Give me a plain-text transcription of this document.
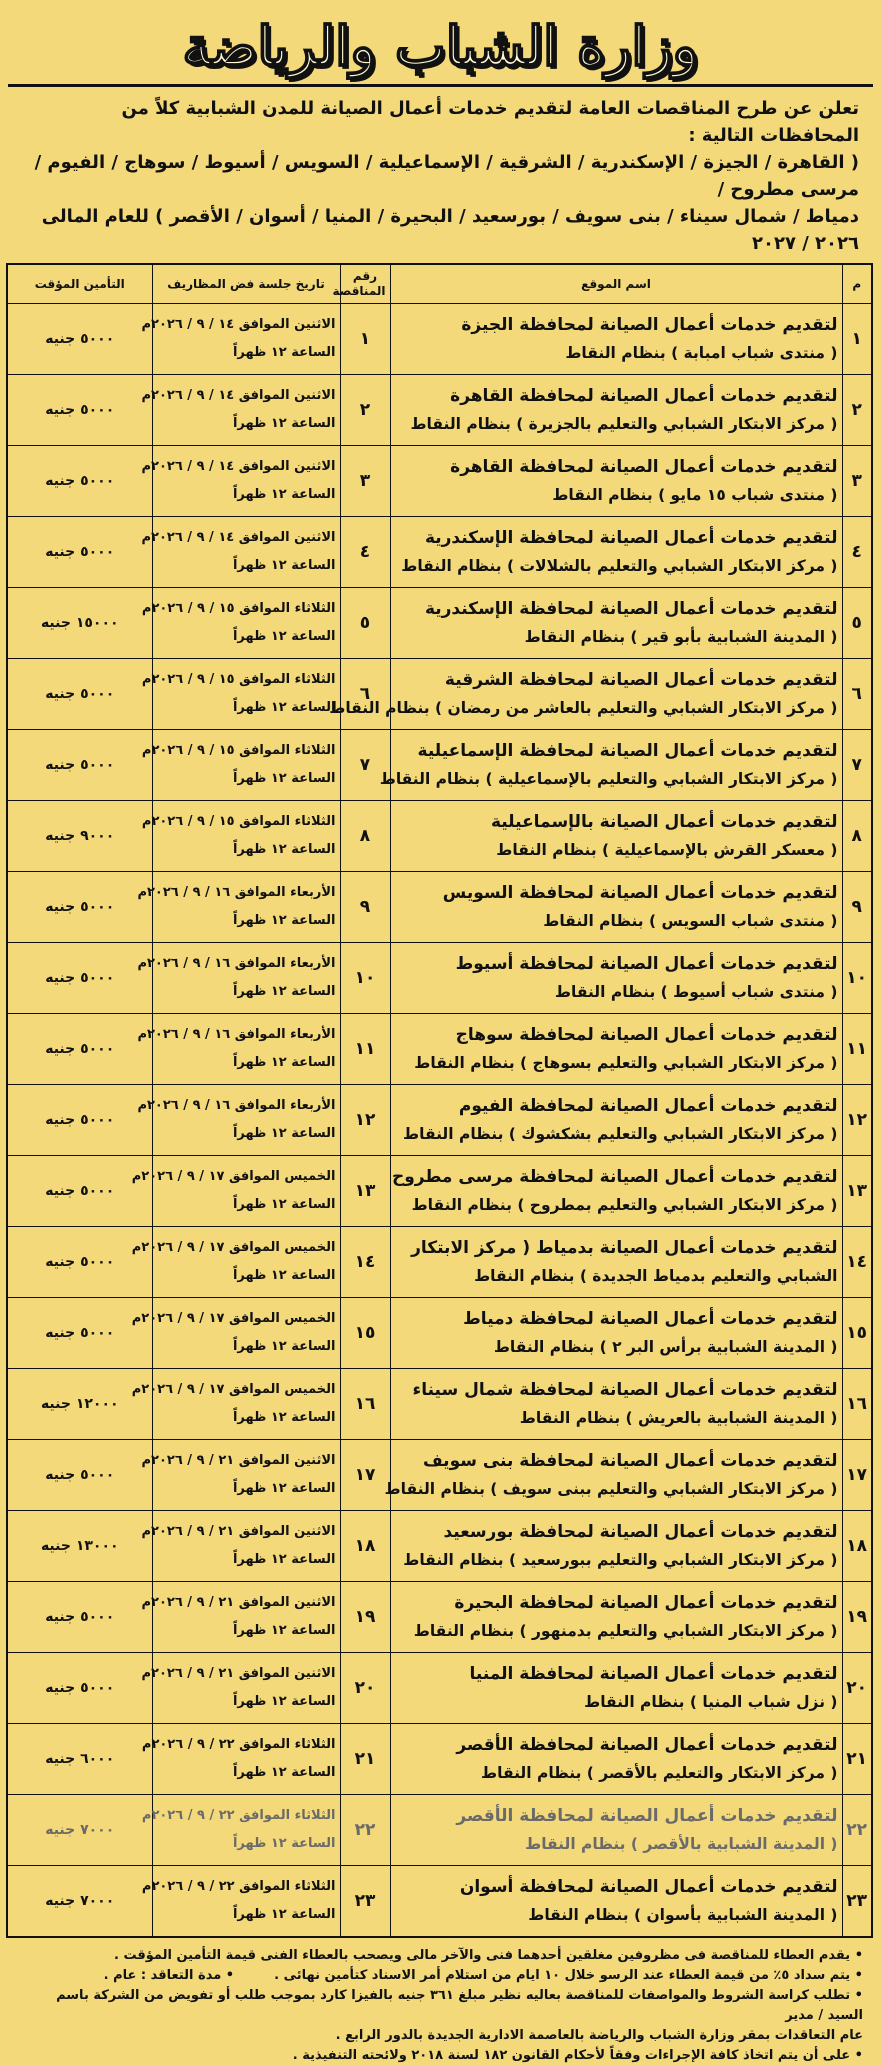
وزارة الشباب والرياضة
تعلن عن طرح المناقصات العامة لتقديم خدمات أعمال الصيانة للمدن الشبابية كلاً من المحافظات التالية :
( القاهرة / الجيزة / الإسكندرية / الشرقية / الإسماعيلية / السويس / أسيوط / سوهاج / الفيوم / مرسى مطروح /
دمياط / شمال سيناء / بنى سويف / بورسعيد / البحيرة / المنيا / أسوان / الأقصر ) للعام المالى ٢٠٢٦ / ٢٠٢٧
م	اسم الموقع	رقم المناقصة	تاريخ جلسة فض المظاريف	التأمين المؤقت
١	لتقديم خدمات أعمال الصيانة لمحافظة الجيزة
( منتدى شباب امبابة ) بنظام النقاط	١	الاثنين الموافق ١٤ / ٩ / ٢٠٢٦م
الساعة ١٢ ظهراً	٥٠٠٠ جنيه
٢	لتقديم خدمات أعمال الصيانة لمحافظة القاهرة
( مركز الابتكار الشبابي والتعليم بالجزيرة ) بنظام النقاط	٢	الاثنين الموافق ١٤ / ٩ / ٢٠٢٦م
الساعة ١٢ ظهراً	٥٠٠٠ جنيه
٣	لتقديم خدمات أعمال الصيانة لمحافظة القاهرة
( منتدى شباب ١٥ مايو ) بنظام النقاط	٣	الاثنين الموافق ١٤ / ٩ / ٢٠٢٦م
الساعة ١٢ ظهراً	٥٠٠٠ جنيه
٤	لتقديم خدمات أعمال الصيانة لمحافظة الإسكندرية
( مركز الابتكار الشبابي والتعليم بالشلالات ) بنظام النقاط	٤	الاثنين الموافق ١٤ / ٩ / ٢٠٢٦م
الساعة ١٢ ظهراً	٥٠٠٠ جنيه
٥	لتقديم خدمات أعمال الصيانة لمحافظة الإسكندرية
( المدينة الشبابية بأبو قير ) بنظام النقاط	٥	الثلاثاء الموافق ١٥ / ٩ / ٢٠٢٦م
الساعة ١٢ ظهراً	١٥٠٠٠ جنيه
٦	لتقديم خدمات أعمال الصيانة لمحافظة الشرقية
( مركز الابتكار الشبابي والتعليم بالعاشر من رمضان ) بنظام النقاط	٦	الثلاثاء الموافق ١٥ / ٩ / ٢٠٢٦م
الساعة ١٢ ظهراً	٥٠٠٠ جنيه
٧	لتقديم خدمات أعمال الصيانة لمحافظة الإسماعيلية
( مركز الابتكار الشبابي والتعليم بالإسماعيلية ) بنظام النقاط	٧	الثلاثاء الموافق ١٥ / ٩ / ٢٠٢٦م
الساعة ١٢ ظهراً	٥٠٠٠ جنيه
٨	لتقديم خدمات أعمال الصيانة بالإسماعيلية
( معسكر القرش بالإسماعيلية ) بنظام النقاط	٨	الثلاثاء الموافق ١٥ / ٩ / ٢٠٢٦م
الساعة ١٢ ظهراً	٩٠٠٠ جنيه
٩	لتقديم خدمات أعمال الصيانة لمحافظة السويس
( منتدى شباب السويس ) بنظام النقاط	٩	الأربعاء الموافق ١٦ / ٩ / ٢٠٢٦م
الساعة ١٢ ظهراً	٥٠٠٠ جنيه
١٠	لتقديم خدمات أعمال الصيانة لمحافظة أسيوط
( منتدى شباب أسيوط ) بنظام النقاط	١٠	الأربعاء الموافق ١٦ / ٩ / ٢٠٢٦م
الساعة ١٢ ظهراً	٥٠٠٠ جنيه
١١	لتقديم خدمات أعمال الصيانة لمحافظة سوهاج
( مركز الابتكار الشبابي والتعليم بسوهاج ) بنظام النقاط	١١	الأربعاء الموافق ١٦ / ٩ / ٢٠٢٦م
الساعة ١٢ ظهراً	٥٠٠٠ جنيه
١٢	لتقديم خدمات أعمال الصيانة لمحافظة الفيوم
( مركز الابتكار الشبابي والتعليم بشكشوك ) بنظام النقاط	١٢	الأربعاء الموافق ١٦ / ٩ / ٢٠٢٦م
الساعة ١٢ ظهراً	٥٠٠٠ جنيه
١٣	لتقديم خدمات أعمال الصيانة لمحافظة مرسى مطروح
( مركز الابتكار الشبابي والتعليم بمطروح ) بنظام النقاط	١٣	الخميس الموافق ١٧ / ٩ / ٢٠٢٦م
الساعة ١٢ ظهراً	٥٠٠٠ جنيه
١٤	لتقديم خدمات أعمال الصيانة بدمياط ( مركز الابتكار
الشبابي والتعليم بدمياط الجديدة ) بنظام النقاط	١٤	الخميس الموافق ١٧ / ٩ / ٢٠٢٦م
الساعة ١٢ ظهراً	٥٠٠٠ جنيه
١٥	لتقديم خدمات أعمال الصيانة لمحافظة دمياط
( المدينة الشبابية برأس البر ٢ ) بنظام النقاط	١٥	الخميس الموافق ١٧ / ٩ / ٢٠٢٦م
الساعة ١٢ ظهراً	٥٠٠٠ جنيه
١٦	لتقديم خدمات أعمال الصيانة لمحافظة شمال سيناء
( المدينة الشبابية بالعريش ) بنظام النقاط	١٦	الخميس الموافق ١٧ / ٩ / ٢٠٢٦م
الساعة ١٢ ظهراً	١٢٠٠٠ جنيه
١٧	لتقديم خدمات أعمال الصيانة لمحافظة بنى سويف
( مركز الابتكار الشبابي والتعليم ببنى سويف ) بنظام النقاط	١٧	الاثنين الموافق ٢١ / ٩ / ٢٠٢٦م
الساعة ١٢ ظهراً	٥٠٠٠ جنيه
١٨	لتقديم خدمات أعمال الصيانة لمحافظة بورسعيد
( مركز الابتكار الشبابي والتعليم ببورسعيد ) بنظام النقاط	١٨	الاثنين الموافق ٢١ / ٩ / ٢٠٢٦م
الساعة ١٢ ظهراً	١٣٠٠٠ جنيه
١٩	لتقديم خدمات أعمال الصيانة لمحافظة البحيرة
( مركز الابتكار الشبابي والتعليم بدمنهور ) بنظام النقاط	١٩	الاثنين الموافق ٢١ / ٩ / ٢٠٢٦م
الساعة ١٢ ظهراً	٥٠٠٠ جنيه
٢٠	لتقديم خدمات أعمال الصيانة لمحافظة المنيا
( نزل شباب المنيا ) بنظام النقاط	٢٠	الاثنين الموافق ٢١ / ٩ / ٢٠٢٦م
الساعة ١٢ ظهراً	٥٠٠٠ جنيه
٢١	لتقديم خدمات أعمال الصيانة لمحافظة الأقصر
( مركز الابتكار والتعليم بالأقصر ) بنظام النقاط	٢١	الثلاثاء الموافق ٢٢ / ٩ / ٢٠٢٦م
الساعة ١٢ ظهراً	٦٠٠٠ جنيه
٢٢	لتقديم خدمات أعمال الصيانة لمحافظة الأقصر
( المدينة الشبابية بالأقصر ) بنظام النقاط	٢٢	الثلاثاء الموافق ٢٢ / ٩ / ٢٠٢٦م
الساعة ١٢ ظهراً	٧٠٠٠ جنيه
٢٣	لتقديم خدمات أعمال الصيانة لمحافظة أسوان
( المدينة الشبابية بأسوان ) بنظام النقاط	٢٣	الثلاثاء الموافق ٢٢ / ٩ / ٢٠٢٦م
الساعة ١٢ ظهراً	٧٠٠٠ جنيه
• يقدم العطاء للمناقصة فى مظروفين مغلقين أحدهما فنى والآخر مالى ويصحب بالعطاء الفنى قيمة التأمين المؤقت .
• يتم سداد ٥٪ من قيمة العطاء عند الرسو خلال ١٠ ايام من استلام أمر الاسناد كتأمين نهائى .
• مدة التعاقد : عام .
• تطلب كراسة الشروط والمواصفات للمناقصة بعاليه نظير مبلغ ٣٦١ جنيه بالفيزا كارد بموجب طلب أو تفويض من الشركة باسم السيد / مدير
عام التعاقدات بمقر وزارة الشباب والرياضة بالعاصمة الادارية الجديدة بالدور الرابع .
• على أن يتم اتخاذ كافة الإجراءات وفقاً لأحكام القانون ١٨٢ لسنة ٢٠١٨ ولائحته التنفيذية .
